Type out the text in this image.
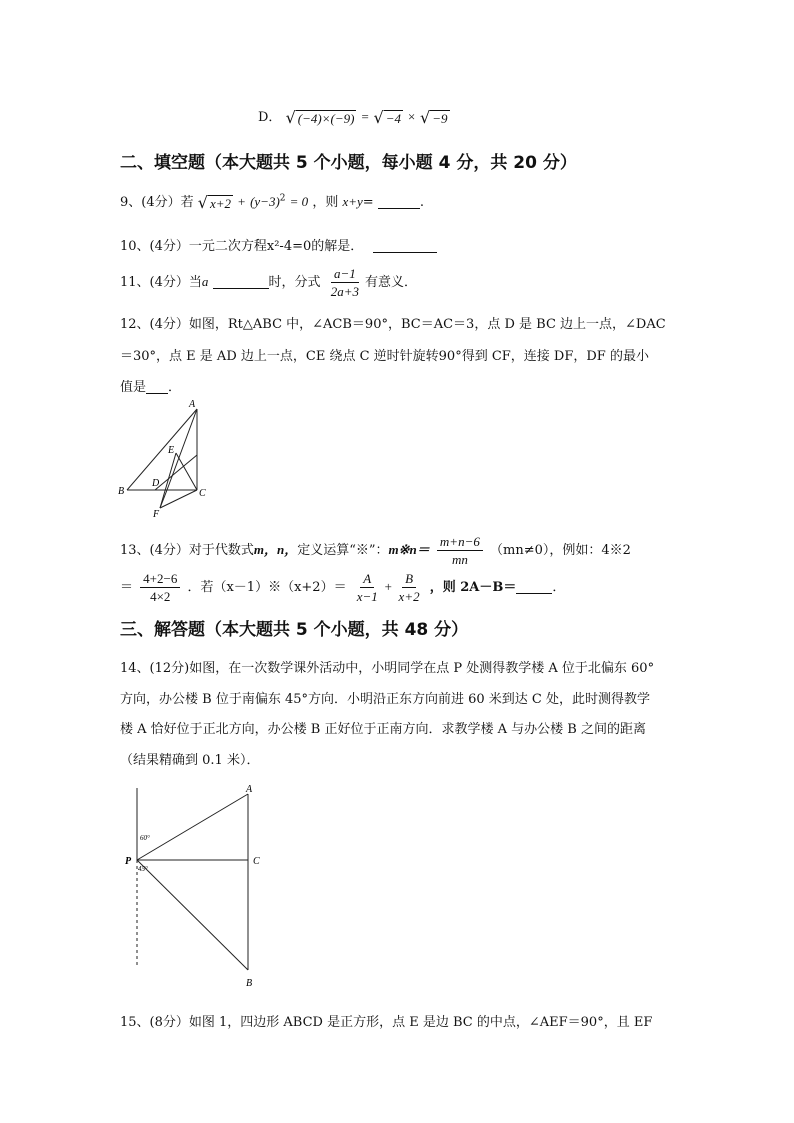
D． √ (−4)×(−9) = √ −4 × √ −9
二、填空题（本大题共 5 个小题，每小题 4 分，共 20 分）
9、(4分）若 √ $x+2 + (y-3)^2 = 0$ ，则 x+y=	.
10、(4分）一元二次方程x²-4=0的解是．
11、(4分）当a	时，分式 $\frac{a-1}{2a+3}$ 有意义．
12、(4分）如图，Rt△ABC 中，∠ACB＝90°，BC＝AC＝3，点 D 是 BC 边上一点，∠DAC
＝30°，点 E 是 AD 边上一点，CE 绕点 C 逆时针旋转90°得到 CF，连接 DF，DF 的最小
值是 ．
A
B	C
D
E
F
13、(4分）对于代数式m，n，定义运算“※”：m※n＝ $\frac{m+n-6}{mn} (mn\ne 0)$，例如：4※2
＝ $\frac{4+2-6}{4\times 2}$ ．若（x－1）※（x+2）＝ $\frac{A}{x-1} + \frac{B}{x+2}$ ，则 2A－B＝	．
三、解答题（本大题共 5 个小题，共 48 分）
14、(12分)如图，在一次数学课外活动中，小明同学在点 P 处测得教学楼 A 位于北偏东 60°
方向，办公楼 B 位于南偏东 45°方向．小明沿正东方向前进 60 米到达 C 处，此时测得教学
楼 A 恰好位于正北方向，办公楼 B 正好位于正南方向．求教学楼 A 与办公楼 B 之间的距离
（结果精确到 0.1 米）．
A
B
C
P
60°
45°
15、(8分）如图 1，四边形 ABCD 是正方形，点 E 是边 BC 的中点，∠AEF＝90°，且 EF
